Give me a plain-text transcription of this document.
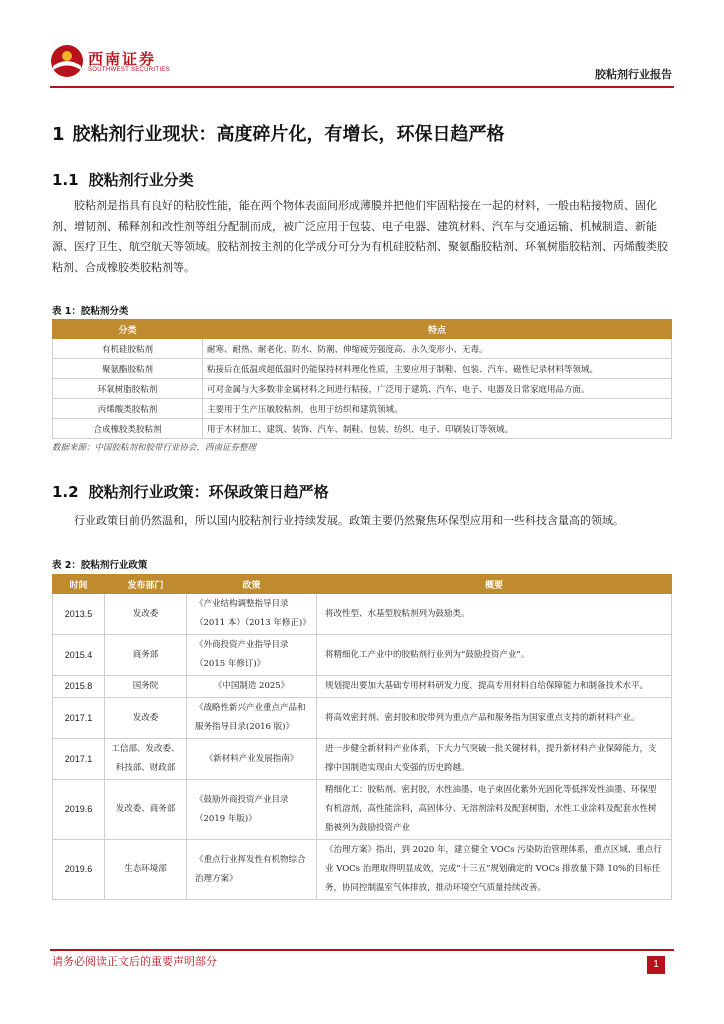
西南证券
SOUTHWEST SECURITIES	胶粘剂行业报告
1 胶粘剂行业现状：高度碎片化，有增长，环保日趋严格
1.1 胶粘剂行业分类
胶粘剂是指具有良好的粘胶性能，能在两个物体表面间形成薄膜并把他们牢固粘接在一起的材料，一般由粘接物质、固化剂、增韧剂、稀释剂和改性剂等组分配制而成，被广泛应用于包装、电子电器、建筑材料、汽车与交通运输、机械制造、新能源、医疗卫生、航空航天等领域。胶粘剂按主剂的化学成分可分为有机硅胶粘剂、聚氨酯胶粘剂、环氧树脂胶粘剂、丙烯酸类胶粘剂、合成橡胶类胶粘剂等。
表 1：胶粘剂分类
分类	特点
有机硅胶粘剂	耐寒、耐热、耐老化、防水、防潮、伸缩疲劳强度高、永久变形小、无毒。
聚氨酯胶粘剂	粘接后在低温或超低温时仍能保持材料理化性质，主要应用于制鞋、包装、汽车、磁性记录材料等领域。
环氧树脂胶粘剂	可对金属与大多数非金属材料之间进行粘接，广泛用于建筑、汽车、电子、电器及日常家庭用品方面。
丙烯酸类胶粘剂	主要用于生产压敏胶粘剂，也用于纺织和建筑领域。
合成橡胶类胶粘剂	用于木材加工、建筑、装饰、汽车、制鞋、包装、纺织、电子、印刷装订等领域。
数据来源：中国胶粘剂和胶带行业协会，西南证券整理
1.2 胶粘剂行业政策：环保政策日趋严格
行业政策目前仍然温和，所以国内胶粘剂行业持续发展。政策主要仍然聚焦环保型应用和一些科技含量高的领域。
表 2：胶粘剂行业政策
时间	发布部门	政策	概要
2013.5	发改委	《产业结构调整指导目录（2011 本）（2013 年修正)》	将改性型、水基型胶粘剂列为鼓励类。
2015.4	商务部	《外商投资产业指导目录（2015 年修订)》	将精细化工产业中的胶粘剂行业列为“鼓励投资产业”。
2015.8	国务院	《中国制造 2025》	规划提出要加大基础专用材料研发力度，提高专用材料自给保障能力和制备技术水平。
2017.1	发改委	《战略性新兴产业重点产品和服务指导目录(2016 版)》	将高效密封剂、密封胶和胶带列为重点产品和服务指为国家重点支持的新材料产业。
2017.1	工信部、发改委、科技部、财政部	《新材料产业发展指南》	进一步健全新材料产业体系，下大力气突破一批关键材料，提升新材料产业保障能力，支撑中国制造实现由大变强的历史跨越。
2019.6	发改委、商务部	《鼓励外商投资产业目录（2019 年版)》	精细化工：胶粘剂、密封胶，水性油墨、电子束固化紫外光固化等低挥发性油墨、环保型有机溶剂，高性能涂料，高固体分、无溶剂涂料及配套树脂，水性工业涂料及配套水性树脂被列为鼓励投资产业
2019.6	生态环境部	《重点行业挥发性有机物综合治理方案》	《治理方案》指出，到 2020 年，建立健全 VOCs 污染防治管理体系，重点区域、重点行业 VOCs 治理取得明显成效，完成“十三五”规划确定的 VOCs 排放量下降 10%的目标任务，协同控制温室气体排放，推动环境空气质量持续改善。
请务必阅读正文后的重要声明部分	1
